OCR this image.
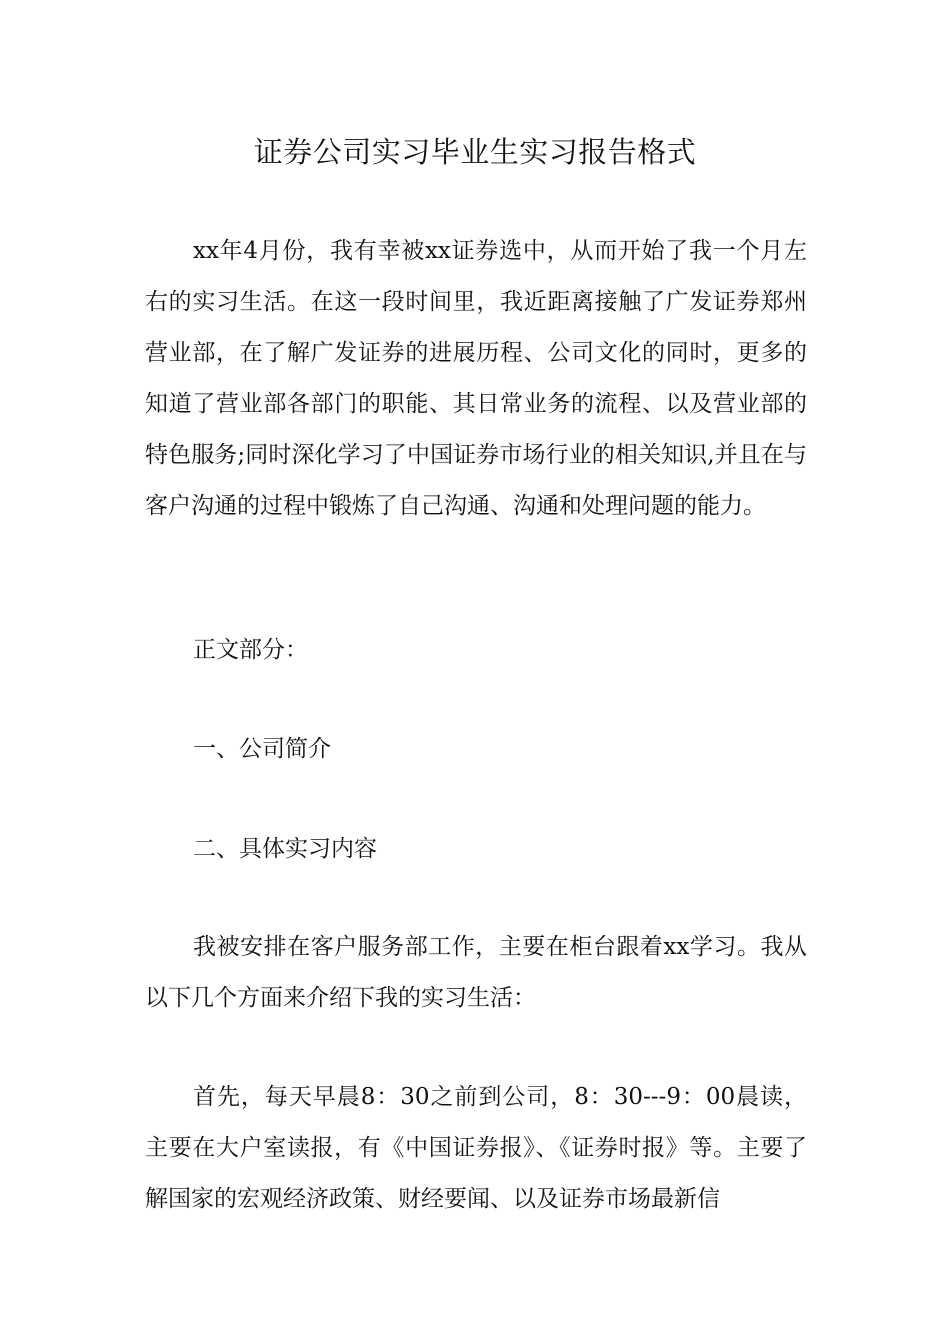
证券公司实习毕业生实习报告格式

xx年4月份，我有幸被xx证券选中，从而开始了我一个月左右的实习生活。在这一段时间里，我近距离接触了广发证券郑州营业部，在了解广发证券的进展历程、公司文化的同时，更多的知道了营业部各部门的职能、其日常业务的流程、以及营业部的特色服务;同时深化学习了中国证券市场行业的相关知识,并且在与客户沟通的过程中锻炼了自己沟通、沟通和处理问题的能力。

正文部分：

一、公司简介

二、具体实习内容

我被安排在客户服务部工作，主要在柜台跟着xx学习。我从以下几个方面来介绍下我的实习生活：

首先，每天早晨8：30之前到公司，8：30---9：00晨读，主要在大户室读报，有《中国证券报》、《证券时报》等。主要了解国家的宏观经济政策、财经要闻、以及证券市场最新信
